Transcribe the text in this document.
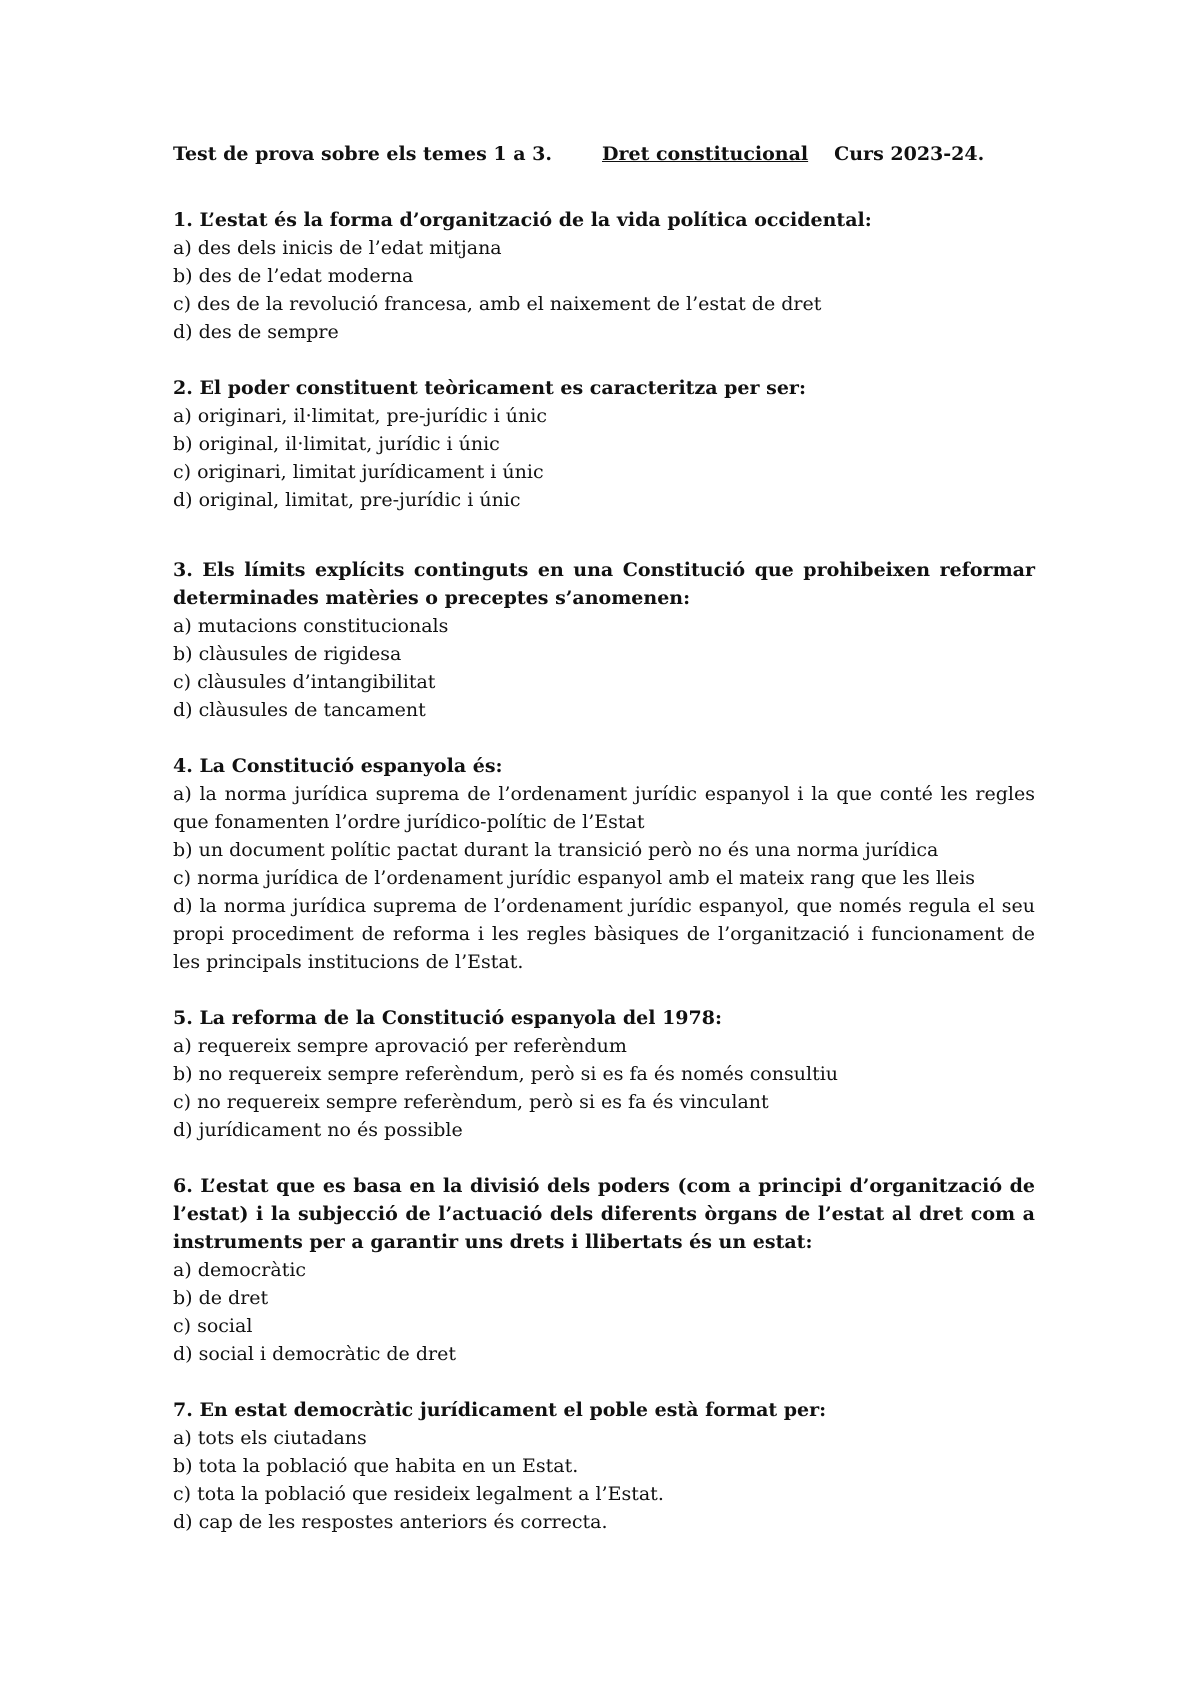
Test de prova sobre els temes 1 a 3.	Dret constitucional Curs 2023-24.
1. L’estat és la forma d’organització de la vida política occidental:
a) des dels inicis de l’edat mitjana
b) des de l’edat moderna
c) des de la revolució francesa, amb el naixement de l’estat de dret
d) des de sempre
2. El poder constituent teòricament es caracteritza per ser:
a) originari, il·limitat, pre-jurídic i únic
b) original, il·limitat, jurídic i únic
c) originari, limitat jurídicament i únic
d) original, limitat, pre-jurídic i únic
3. Els límits explícits continguts en una Constitució que prohibeixen reformar determinades matèries o preceptes s’anomenen:
a) mutacions constitucionals
b) clàusules de rigidesa
c) clàusules d’intangibilitat
d) clàusules de tancament
4. La Constitució espanyola és:
a) la norma jurídica suprema de l’ordenament jurídic espanyol i la que conté les regles que fonamenten l’ordre jurídico-polític de l’Estat
b) un document polític pactat durant la transició però no és una norma jurídica
c) norma jurídica de l’ordenament jurídic espanyol amb el mateix rang que les lleis
d) la norma jurídica suprema de l’ordenament jurídic espanyol, que només regula el seu propi procediment de reforma i les regles bàsiques de l’organització i funcionament de les principals institucions de l’Estat.
5. La reforma de la Constitució espanyola del 1978:
a) requereix sempre aprovació per referèndum
b) no requereix sempre referèndum, però si es fa és només consultiu
c) no requereix sempre referèndum, però si es fa és vinculant
d) jurídicament no és possible
6. L’estat que es basa en la divisió dels poders (com a principi d’organització de l’estat) i la subjecció de l’actuació dels diferents òrgans de l’estat al dret com a instruments per a garantir uns drets i llibertats és un estat:
a) democràtic
b) de dret
c) social
d) social i democràtic de dret
7. En estat democràtic jurídicament el poble està format per:
a) tots els ciutadans
b) tota la població que habita en un Estat.
c) tota la població que resideix legalment a l’Estat.
d) cap de les respostes anteriors és correcta.
